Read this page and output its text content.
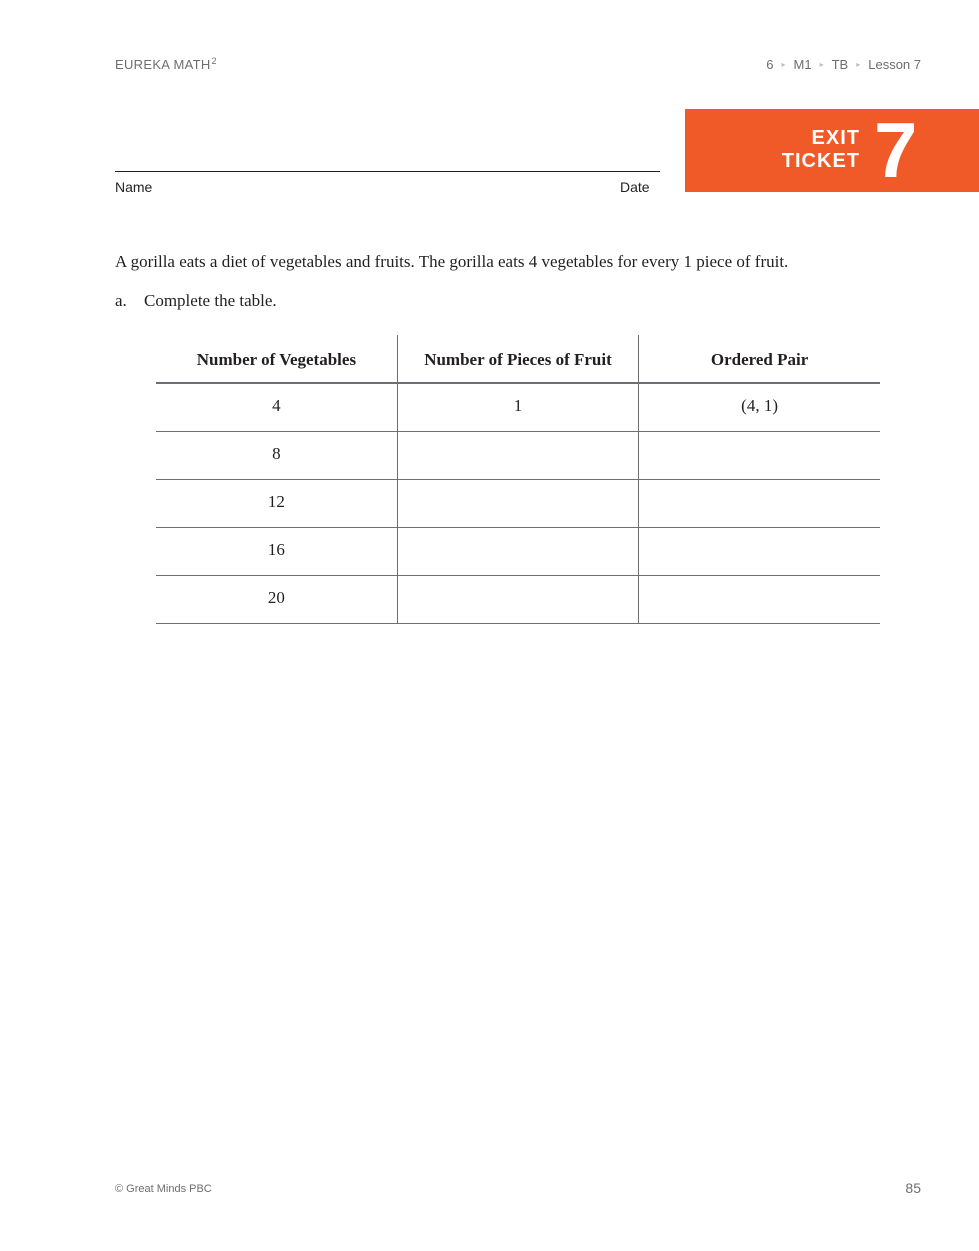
EUREKA MATH$^2$	6 ▸ M1 ▸ TB ▸ Lesson 7
Name	Date
EXIT
TICKET 7

A gorilla eats a diet of vegetables and fruits. The gorilla eats 4 vegetables for every 1 piece of fruit.

a.	Complete the table.
Number of Vegetables	Number of Pieces of Fruit	Ordered Pair
4	1	(4, 1)
8		
12		
16		
20		
© Great Minds PBC	85
